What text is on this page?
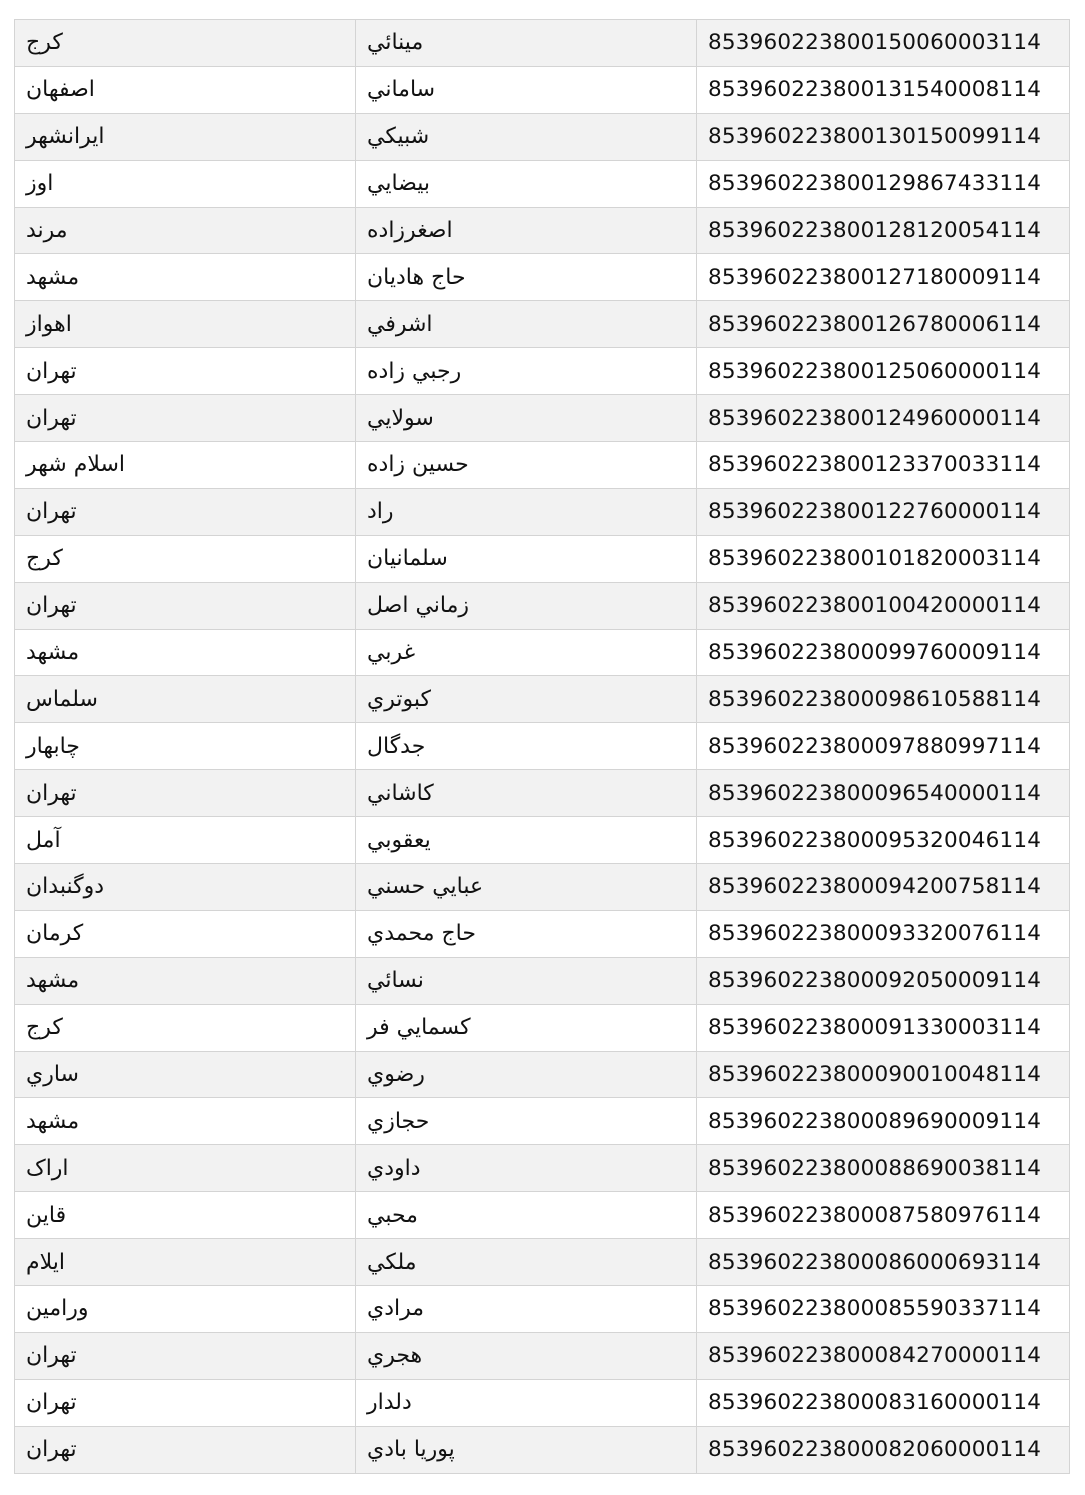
کرج	مينائي	8539602238001500600031‌14
اصفهان	ساماني	853960223800131540008114
ايرانشهر	شبيكي	853960223800130150099114
اوز	بيضايي	853960223800129867433114
مرند	اصغرزاده	853960223800128120054114
مشهد	حاج هاديان	853960223800127180009114
اهواز	اشرفي	853960223800126780006114
تهران	رجبي زاده	853960223800125060000114
تهران	سولايي	853960223800124960000114
اسلام شهر	حسين زاده	853960223800123370033114
تهران	راد	853960223800122760000114
کرج	سلمانيان	853960223800101820003114
تهران	زماني اصل	853960223800100420000114
مشهد	غربي	853960223800099760009114
سلماس	كبوتري	853960223800098610588114
چابهار	جدگال	853960223800097880997114
تهران	كاشاني	853960223800096540000114
آمل	يعقوبي	853960223800095320046114
دوگنبدان	عبايي حسني	853960223800094200758114
کرمان	حاج محمدي	853960223800093320076114
مشهد	نسائي	853960223800092050009114
کرج	كسمايي فر	853960223800091330003114
ساري	رضوي	853960223800090010048114
مشهد	حجازي	853960223800089690009114
اراک	داودي	853960223800088690038114
قاين	محبي	853960223800087580976114
ايلام	ملكي	853960223800086000693114
ورامين	مرادي	853960223800085590337114
تهران	هجري	853960223800084270000114
تهران	دلدار	853960223800083160000114
تهران	پوريا بادي	853960223800082060000114
